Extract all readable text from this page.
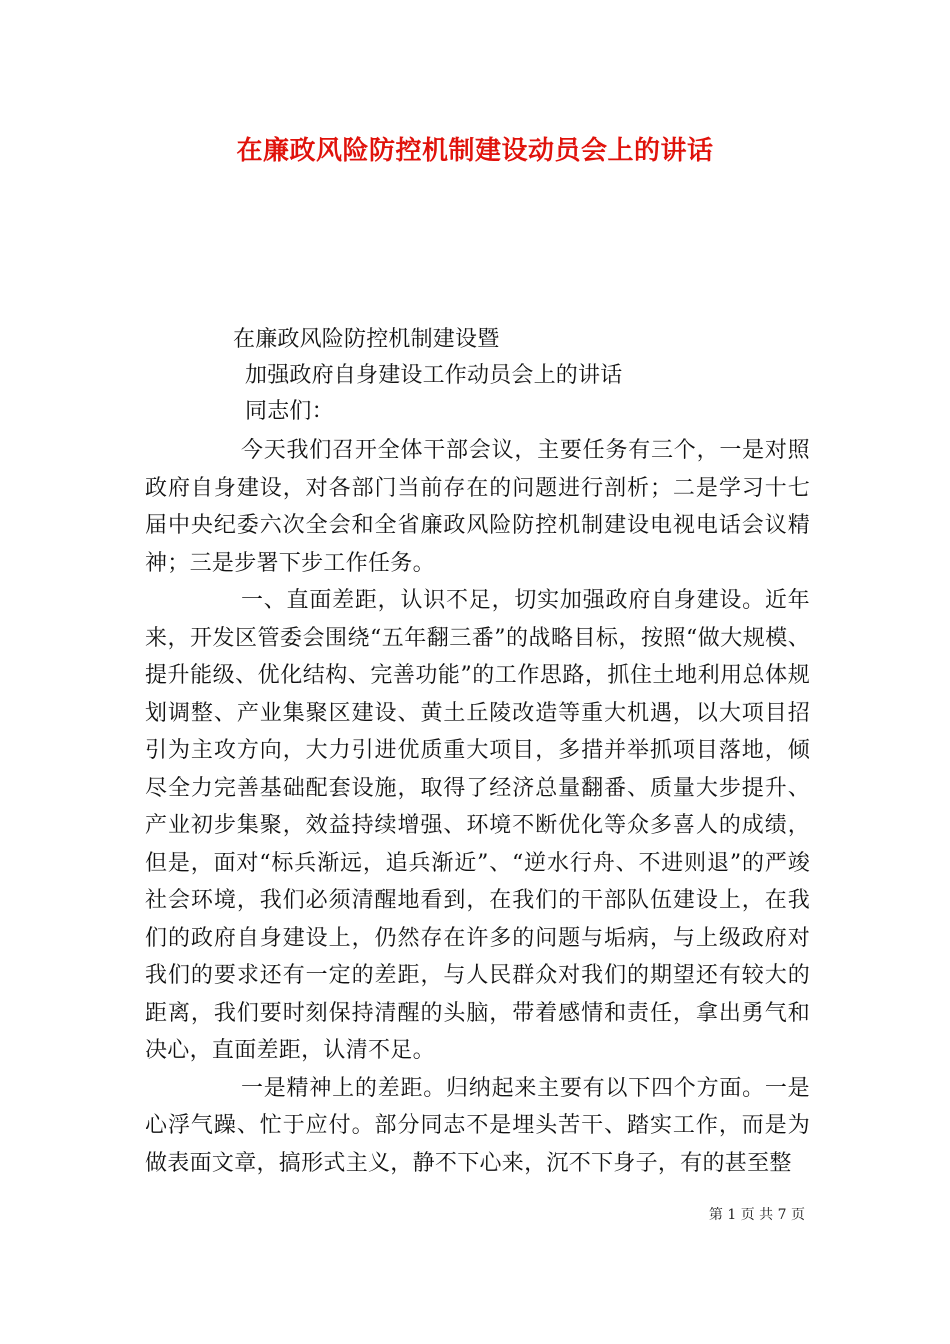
在廉政风险防控机制建设动员会上的讲话
在廉政风险防控机制建设暨
加强政府自身建设工作动员会上的讲话
同志们：

今天我们召开全体干部会议，主要任务有三个，一是对照政府自身建设，对各部门当前存在的问题进行剖析；二是学习十七届中央纪委六次全会和全省廉政风险防控机制建设电视电话会议精神；三是步署下步工作任务。

一、直面差距，认识不足，切实加强政府自身建设。近年来，开发区管委会围绕“五年翻三番”的战略目标，按照“做大规模、提升能级、优化结构、完善功能”的工作思路，抓住土地利用总体规划调整、产业集聚区建设、黄土丘陵改造等重大机遇，以大项目招引为主攻方向，大力引进优质重大项目，多措并举抓项目落地，倾尽全力完善基础配套设施，取得了经济总量翻番、质量大步提升、产业初步集聚，效益持续增强、环境不断优化等众多喜人的成绩，但是，面对“标兵渐远，追兵渐近”、“逆水行舟、不进则退”的严竣社会环境，我们必须清醒地看到，在我们的干部队伍建设上，在我们的政府自身建设上，仍然存在许多的问题与垢病，与上级政府对我们的要求还有一定的差距，与人民群众对我们的期望还有较大的距离，我们要时刻保持清醒的头脑，带着感情和责任，拿出勇气和决心，直面差距，认清不足。

一是精神上的差距。归纳起来主要有以下四个方面。一是心浮气躁、忙于应付。部分同志不是埋头苦干、踏实工作，而是为做表面文章，搞形式主义，静不下心来，沉不下身子，有的甚至整

第 1 页 共 7 页
